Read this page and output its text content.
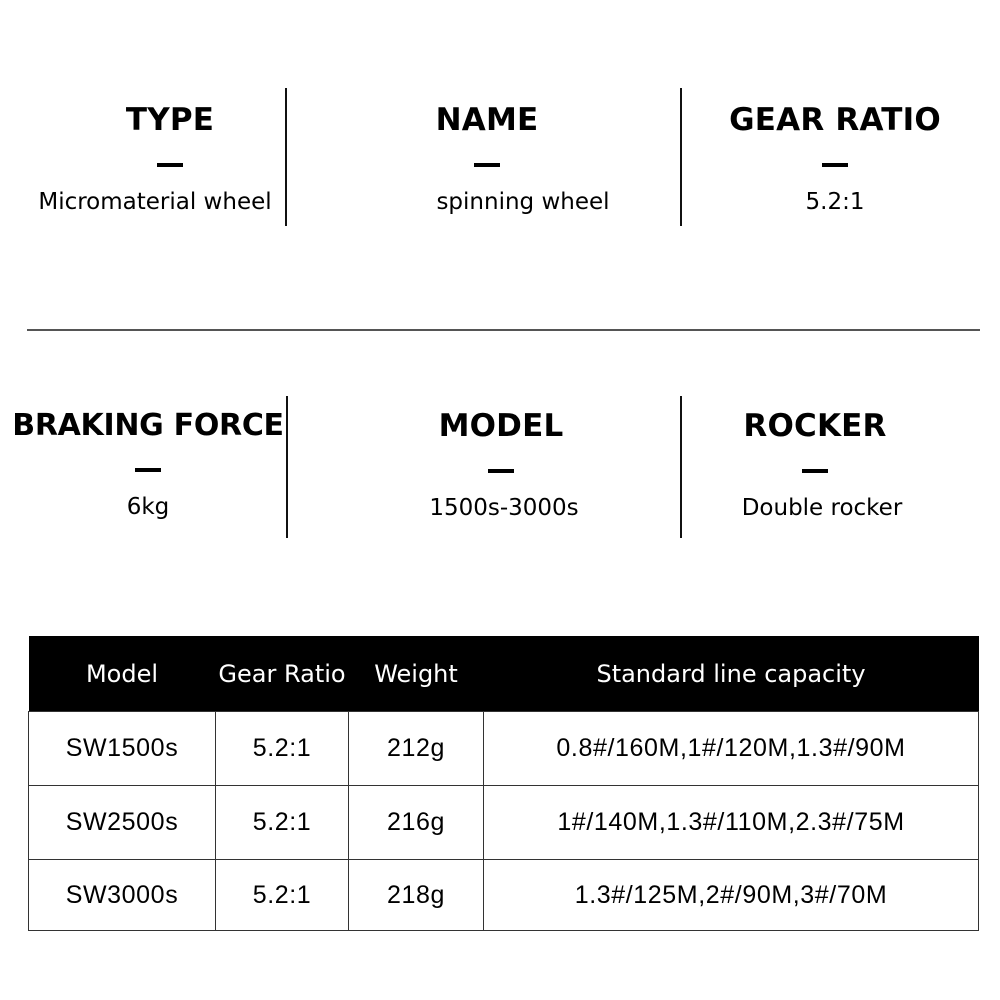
TYPE
Micromaterial wheel
NAME
spinning wheel
GEAR RATIO
5.2:1
BRAKING FORCE
6kg
MODEL
1500s-3000s
ROCKER
Double rocker
Model	Gear Ratio	Weight	Standard line capacity
SW1500s	5.2:1	212g	0.8#/160M,1#/120M,1.3#/90M
SW2500s	5.2:1	216g	1#/140M,1.3#/110M,2.3#/75M
SW3000s	5.2:1	218g	1.3#/125M,2#/90M,3#/70M
